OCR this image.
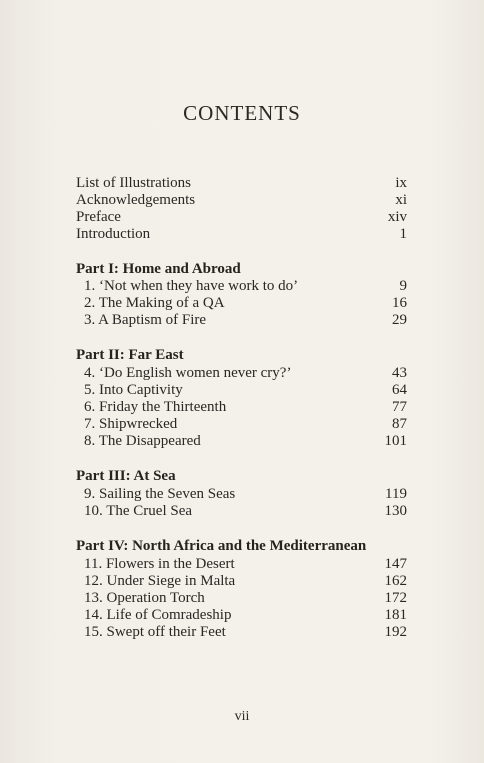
CONTENTS
List of Illustrations	ix
Acknowledgements	xi
Preface	xiv
Introduction	1
Part I: Home and Abroad
1. ‘Not when they have work to do’	9
2. The Making of a QA	16
3. A Baptism of Fire	29
Part II: Far East
4. ‘Do English women never cry?’	43
5. Into Captivity	64
6. Friday the Thirteenth	77
7. Shipwrecked	87
8. The Disappeared	101
Part III: At Sea
9. Sailing the Seven Seas	119
10. The Cruel Sea	130
Part IV: North Africa and the Mediterranean
11. Flowers in the Desert	147
12. Under Siege in Malta	162
13. Operation Torch	172
14. Life of Comradeship	181
15. Swept off their Feet	192
vii
